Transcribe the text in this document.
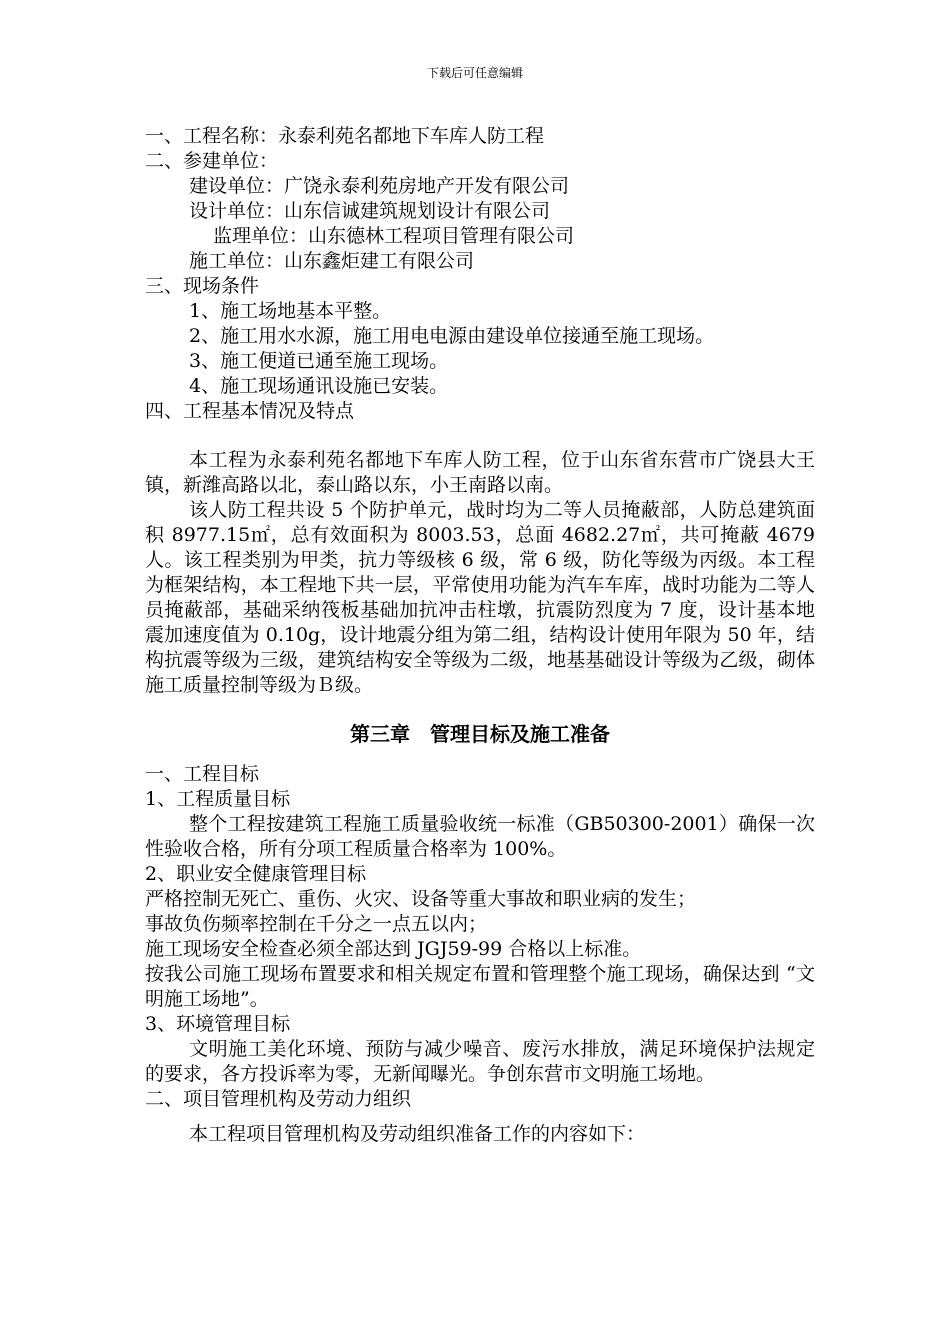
下载后可任意编辑

一、工程名称：永泰利苑名都地下车库人防工程

二、参建单位：

建设单位：广饶永泰利苑房地产开发有限公司

设计单位：山东信诚建筑规划设计有限公司

监理单位：山东德林工程项目管理有限公司

施工单位：山东鑫炬建工有限公司

三、现场条件

1、施工场地基本平整。

2、施工用水水源，施工用电电源由建设单位接通至施工现场。

3、施工便道已通至施工现场。

4、施工现场通讯设施已安装。

四、工程基本情况及特点

本工程为永泰利苑名都地下车库人防工程，位于山东省东营市广饶县大王镇，新潍高路以北，泰山路以东，小王南路以南。

该人防工程共设 5 个防护单元，战时均为二等人员掩蔽部，人防总建筑面积 8977.15㎡，总有效面积为 8003.53，总面 4682.27㎡，共可掩蔽 4679 人。该工程类别为甲类，抗力等级核 6 级，常 6 级，防化等级为丙级。本工程为框架结构，本工程地下共一层，平常使用功能为汽车车库，战时功能为二等人员掩蔽部，基础采纳筏板基础加抗冲击柱墩，抗震防烈度为 7 度，设计基本地震加速度值为 0.10g，设计地震分组为第二组，结构设计使用年限为 50 年，结构抗震等级为三级，建筑结构安全等级为二级，地基基础设计等级为乙级，砌体施工质量控制等级为Ｂ级。

第三章　管理目标及施工准备

一、工程目标

1、工程质量目标

整个工程按建筑工程施工质量验收统一标准（GB50300-2001）确保一次性验收合格，所有分项工程质量合格率为 100%。

2、职业安全健康管理目标

严格控制无死亡、重伤、火灾、设备等重大事故和职业病的发生；

事故负伤频率控制在千分之一点五以内；

施工现场安全检查必须全部达到 JGJ59-99 合格以上标准。

按我公司施工现场布置要求和相关规定布置和管理整个施工现场，确保达到 “文明施工场地”。

3、环境管理目标

文明施工美化环境、预防与减少噪音、废污水排放，满足环境保护法规定的要求，各方投诉率为零，无新闻曝光。争创东营市文明施工场地。

二、项目管理机构及劳动力组织

本工程项目管理机构及劳动组织准备工作的内容如下：
